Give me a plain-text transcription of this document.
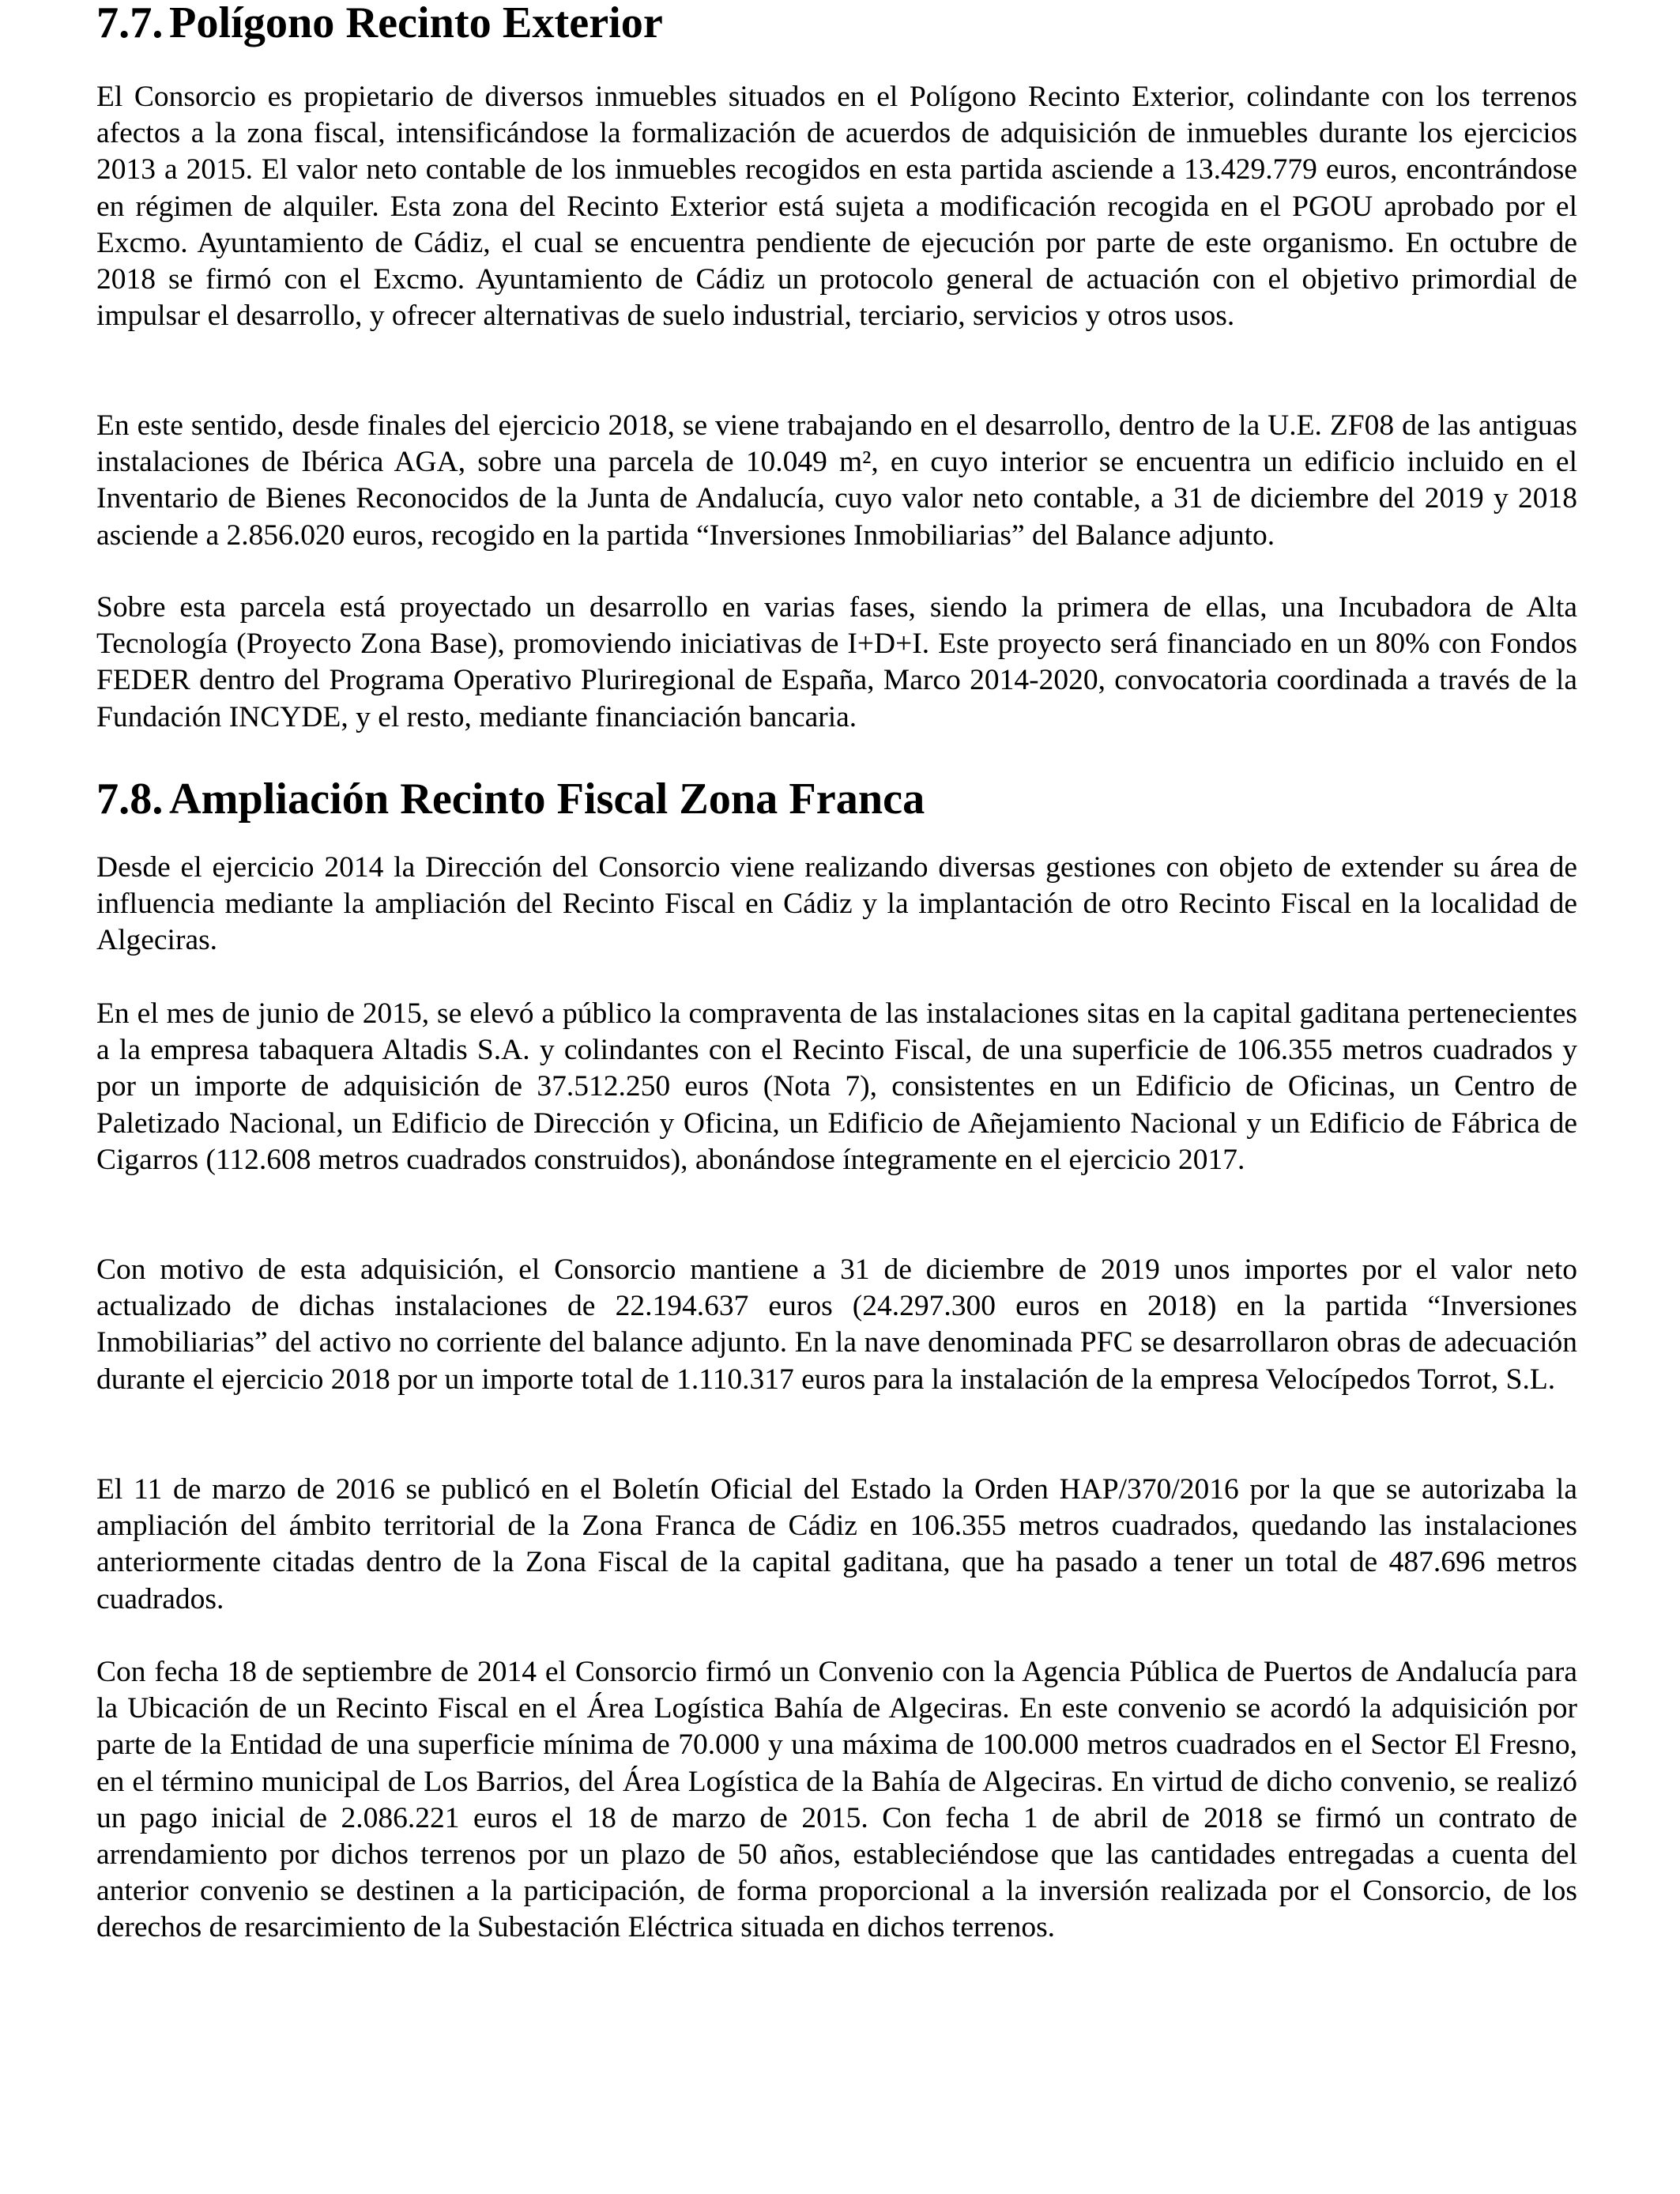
7.7. Polígono Recinto Exterior

El Consorcio es propietario de diversos inmuebles situados en el Polígono Recinto Exterior, colindante con los terrenos afectos a la zona fiscal, intensificándose la formalización de acuerdos de adquisición de inmuebles durante los ejercicios 2013 a 2015. El valor neto contable de los inmuebles recogidos en esta partida asciende a 13.429.779 euros, encontrándose en régimen de alquiler. Esta zona del Recinto Exterior está sujeta a modificación recogida en el PGOU aprobado por el Excmo. Ayuntamiento de Cádiz, el cual se encuentra pendiente de ejecución por parte de este organismo. En octubre de 2018 se firmó con el Excmo. Ayuntamiento de Cádiz un protocolo general de actuación con el objetivo primordial de impulsar el desarrollo, y ofrecer alternativas de suelo industrial, terciario, servicios y otros usos.

En este sentido, desde finales del ejercicio 2018, se viene trabajando en el desarrollo, dentro de la U.E. ZF08 de las antiguas instalaciones de Ibérica AGA, sobre una parcela de 10.049 m², en cuyo interior se encuentra un edificio incluido en el Inventario de Bienes Reconocidos de la Junta de Andalucía, cuyo valor neto contable, a 31 de diciembre del 2019 y 2018 asciende a 2.856.020 euros, recogido en la partida “Inversiones Inmobiliarias” del Balance adjunto.

Sobre esta parcela está proyectado un desarrollo en varias fases, siendo la primera de ellas, una Incubadora de Alta Tecnología (Proyecto Zona Base), promoviendo iniciativas de I+D+I. Este proyecto será financiado en un 80% con Fondos FEDER dentro del Programa Operativo Pluriregional de España, Marco 2014-2020, convocatoria coordinada a través de la Fundación INCYDE, y el resto, mediante financiación bancaria.

7.8. Ampliación Recinto Fiscal Zona Franca

Desde el ejercicio 2014 la Dirección del Consorcio viene realizando diversas gestiones con objeto de extender su área de influencia mediante la ampliación del Recinto Fiscal en Cádiz y la implantación de otro Recinto Fiscal en la localidad de Algeciras.

En el mes de junio de 2015, se elevó a público la compraventa de las instalaciones sitas en la capital gaditana pertenecientes a la empresa tabaquera Altadis S.A. y colindantes con el Recinto Fiscal, de una superficie de 106.355 metros cuadrados y por un importe de adquisición de 37.512.250 euros (Nota 7), consistentes en un Edificio de Oficinas, un Centro de Paletizado Nacional, un Edificio de Dirección y Oficina, un Edificio de Añejamiento Nacional y un Edificio de Fábrica de Cigarros (112.608 metros cuadrados construidos), abonándose íntegramente en el ejercicio 2017.

Con motivo de esta adquisición, el Consorcio mantiene a 31 de diciembre de 2019 unos importes por el valor neto actualizado de dichas instalaciones de 22.194.637 euros (24.297.300 euros en 2018) en la partida “Inversiones Inmobiliarias” del activo no corriente del balance adjunto. En la nave denominada PFC se desarrollaron obras de adecuación durante el ejercicio 2018 por un importe total de 1.110.317 euros para la instalación de la empresa Velocípedos Torrot, S.L.

El 11 de marzo de 2016 se publicó en el Boletín Oficial del Estado la Orden HAP/370/2016 por la que se autorizaba la ampliación del ámbito territorial de la Zona Franca de Cádiz en 106.355 metros cuadrados, quedando las instalaciones anteriormente citadas dentro de la Zona Fiscal de la capital gaditana, que ha pasado a tener un total de 487.696 metros cuadrados.

Con fecha 18 de septiembre de 2014 el Consorcio firmó un Convenio con la Agencia Pública de Puertos de Andalucía para la Ubicación de un Recinto Fiscal en el Área Logística Bahía de Algeciras. En este convenio se acordó la adquisición por parte de la Entidad de una superficie mínima de 70.000 y una máxima de 100.000 metros cuadrados en el Sector El Fresno, en el término municipal de Los Barrios, del Área Logística de la Bahía de Algeciras. En virtud de dicho convenio, se realizó un pago inicial de 2.086.221 euros el 18 de marzo de 2015. Con fecha 1 de abril de 2018 se firmó un contrato de arrendamiento por dichos terrenos por un plazo de 50 años, estableciéndose que las cantidades entregadas a cuenta del anterior convenio se destinen a la participación, de forma proporcional a la inversión realizada por el Consorcio, de los derechos de resarcimiento de la Subestación Eléctrica situada en dichos terrenos.
